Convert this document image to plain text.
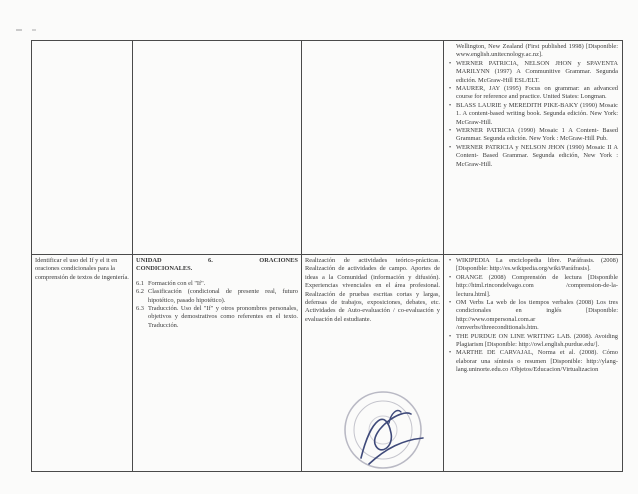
Wellington, New Zealand (First published 1998) [Disponible: www.english.unitecnology.ac.nz].
• WERNER PATRICIA, NELSON JHON y SPAVENTA MARILYNN (1997) A Communitive Grammar. Segunda edición. McGraw-Hill ESL/ELT.
• MAURER, JAY (1995) Focus on grammar: an advanced course for reference and practice. United States: Longman.
• BLASS LAURIE y MEREDITH PIKE-BAKY (1990) Mosaic 1. A content-based writing book. Segunda edición. New York: McGraw-Hill.
• WERNER PATRICIA (1990) Mosaic 1 A Content- Based Grammar. Segunda edición. New York : McGraw-Hill Pub.
• WERNER PATRICIA y NELSON JHON (1990) Mosaic II A Content- Based Grammar. Segunda edición, New York : McGraw-Hill.
Identificar el uso del If y el it en oraciones condicionales para la comprensión de textos de ingeniería.
UNIDAD	6.	ORACIONES
CONDICIONALES.
6.1 Formación con el "If".
6.2 Clasificación (condicional de presente real, futuro hipotético, pasado hipotético).
6.3 Traducción. Uso del "If" y otros pronombres personales, objetivos y demostrativos como referentes en el texto. Traducción.
Realización de actividades teórico-prácticas. Realización de actividades de campo. Aportes de ideas a la Comunidad (información y difusión). Experiencias vivenciales en el área profesional. Realización de pruebas escritas cortas y largas, defensas de trabajos, exposiciones, debates, etc. Actividades de Auto-evaluación / co-evaluación y evaluación del estudiante.
• WIKIPEDIA La enciclopedia libre. Paráfrasis. (2008) [Disponible: http://es.wikipedia.org/wiki/Paráfrasis].
• ORANGE (2008) Comprensión de lectura [Disponible http://html.rincondelvago.com /comprension-de-la-lectura.html].
• OM Verbs La web de los tiempos verbales (2008) Los tres condicionales en inglés [Disponible: http://www.ompersonal.com.ar /omverbs/threeconditionals.htm.
• THE PURDUE ON LINE WRITING LAB. (2008). Avoiding Plagiarism [Disponible: http://owl.english.purdue.edu/].
• MARTHE DE CARVAJAL, Norma et al. (2008). Cómo elaborar una síntesis o resumen [Disponible: http://ylang-lang.uninorte.edu.co /Objetos/Educacion/Virtualizacion
